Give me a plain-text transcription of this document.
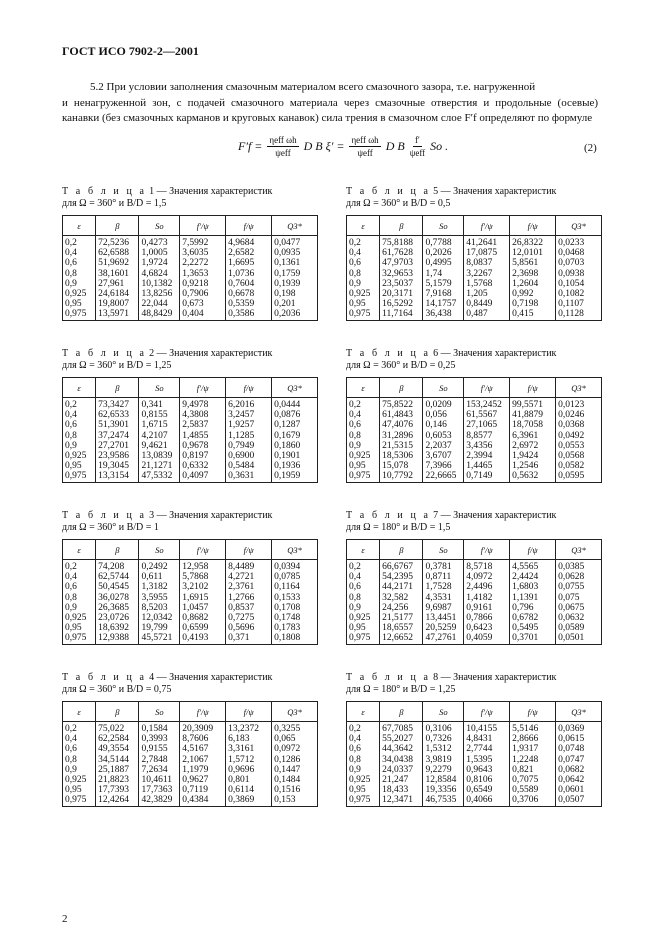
ГОСТ ИСО 7902-2—2001
5.2 При условии заполнения смазочным материалом всего смазочного зазора, т.е. нагруженной
и ненагруженной зон, с подачей смазочного материала через смазочные отверстия и продольные (осевые) канавки (без смазочных карманов и круговых канавок) сила трения в смазочном слое F′f определяют по формуле
$F'f = \frac{\text{ηeff ωh}}{\text{ψeff}}$ D B $\xi' = \frac{\text{ηeff ωh}}{\text{ψeff}}$ D B $\frac{f'}{\text{ψeff}}$ So .	(2)
Т а б л и ц а 1 — Значения характеристик
для Ω = 360° и B/D = 1,5
ε	β	So	f′/ψ	f/ψ	Q3*
0,2	72,5236	0,4273	7,5992	4,9684	0,0477
0,4	62,6588	1,0005	3,6035	2,6582	0,0935
0,6	51,9692	1,9724	2,2272	1,6695	0,1361
0,8	38,1601	4,6824	1,3653	1,0736	0,1759
0,9	27,961	10,1382	0,9218	0,7604	0,1939
0,925	24,6184	13,8256	0,7906	0,6678	0,198
0,95	19,8007	22,044	0,673	0,5359	0,201
0,975	13,5971	48,8429	0,404	0,3586	0,2036
Т а б л и ц а 5 — Значения характеристик
для Ω = 360° и B/D = 0,5
ε	β	So	f′/ψ	f/ψ	Q3*
0,2	75,8188	0,7788	41,2641	26,8322	0,0233
0,4	61,7628	0,2026	17,0875	12,0101	0,0468
0,6	47,9703	0,4995	8,0837	5,8561	0,0703
0,8	32,9653	1,74	3,2267	2,3698	0,0938
0,9	23,5037	5,1579	1,5768	1,2604	0,1054
0,925	20,3171	7,9168	1,205	0,992	0,1082
0,95	16,5292	14,1757	0,8449	0,7198	0,1107
0,975	11,7164	36,438	0,487	0,415	0,1128
Т а б л и ц а 2 — Значения характеристик
для Ω = 360° и B/D = 1,25
ε	β	So	f′/ψ	f/ψ	Q3*
0,2	73,3427	0,341	9,4978	6,2016	0,0444
0,4	62,6533	0,8155	4,3808	3,2457	0,0876
0,6	51,3901	1,6715	2,5837	1,9257	0,1287
0,8	37,2474	4,2107	1,4855	1,1285	0,1679
0,9	27,2701	9,4621	0,9678	0,7949	0,1860
0,925	23,9586	13,0839	0,8197	0,6900	0,1901
0,95	19,3045	21,1271	0,6332	0,5484	0,1936
0,975	13,3154	47,5332	0,4097	0,3631	0,1959
Т а б л и ц а 6 — Значения характеристик
для Ω = 360° и B/D = 0,25
ε	β	So	f′/ψ	f/ψ	Q3*
0,2	75,8522	0,0209	153,2452	99,5571	0,0123
0,4	61,4843	0,056	61,5567	41,8879	0,0246
0,6	47,4076	0,146	27,1065	18,7058	0,0368
0,8	31,2896	0,6053	8,8577	6,3961	0,0492
0,9	21,5315	2,2037	3,4356	2,6972	0,0553
0,925	18,5306	3,6707	2,3994	1,9424	0,0568
0,95	15,078	7,3966	1,4465	1,2546	0,0582
0,975	10,7792	22,6665	0,7149	0,5632	0,0595
Т а б л и ц а 3 — Значения характеристик
для Ω = 360° и B/D = 1
ε	β	So	f′/ψ	f/ψ	Q3*
0,2	74,208	0,2492	12,958	8,4489	0,0394
0,4	62,5744	0,611	5,7868	4,2721	0,0785
0,6	50,4545	1,3182	3,2102	2,3761	0,1164
0,8	36,0278	3,5955	1,6915	1,2766	0,1533
0,9	26,3685	8,5203	1,0457	0,8537	0,1708
0,925	23,0726	12,0342	0,8682	0,7275	0,1748
0,95	18,6392	19,799	0,6599	0,5696	0,1783
0,975	12,9388	45,5721	0,4193	0,371	0,1808
Т а б л и ц а 7 — Значения характеристик
для Ω = 180° и B/D = 1,5
ε	β	So	f′/ψ	f/ψ	Q3*
0,2	66,6767	0,3781	8,5718	4,5565	0,0385
0,4	54,2395	0,8711	4,0972	2,4424	0,0628
0,6	44,2171	1,7528	2,4496	1,6803	0,0755
0,8	32,582	4,3531	1,4182	1,1391	0,075
0,9	24,256	9,6987	0,9161	0,796	0,0675
0,925	21,5177	13,4451	0,7866	0,6782	0,0632
0,95	18,6557	20,5259	0,6423	0,5495	0,0589
0,975	12,6652	47,2761	0,4059	0,3701	0,0501
Т а б л и ц а 4 — Значения характеристик
для Ω = 360° и B/D = 0,75
ε	β	So	f′/ψ	f/ψ	Q3*
0,2	75,022	0,1584	20,3909	13,2372	0,3255
0,4	62,2584	0,3993	8,7606	6,183	0,065
0,6	49,3554	0,9155	4,5167	3,3161	0,0972
0,8	34,5144	2,7848	2,1067	1,5712	0,1286
0,9	25,1887	7,2634	1,1979	0,9696	0,1447
0,925	21,8823	10,4611	0,9627	0,801	0,1484
0,95	17,7393	17,7363	0,7119	0,6114	0,1516
0,975	12,4264	42,3829	0,4384	0,3869	0,153
Т а б л и ц а 8 — Значения характеристик
для Ω = 180° и B/D = 1,25
ε	β	So	f′/ψ	f/ψ	Q3*
0,2	67,7085	0,3106	10,4155	5,5146	0,0369
0,4	55,2027	0,7326	4,8431	2,8666	0,0615
0,6	44,3642	1,5312	2,7744	1,9317	0,0748
0,8	34,0438	3,9819	1,5395	1,2248	0,0747
0,9	24,0337	9,2279	0,9643	0,821	0,0682
0,925	21,247	12,8584	0,8106	0,7075	0,0642
0,95	18,433	19,3356	0,6549	0,5589	0,0601
0,975	12,3471	46,7535	0,4066	0,3706	0,0507
2
